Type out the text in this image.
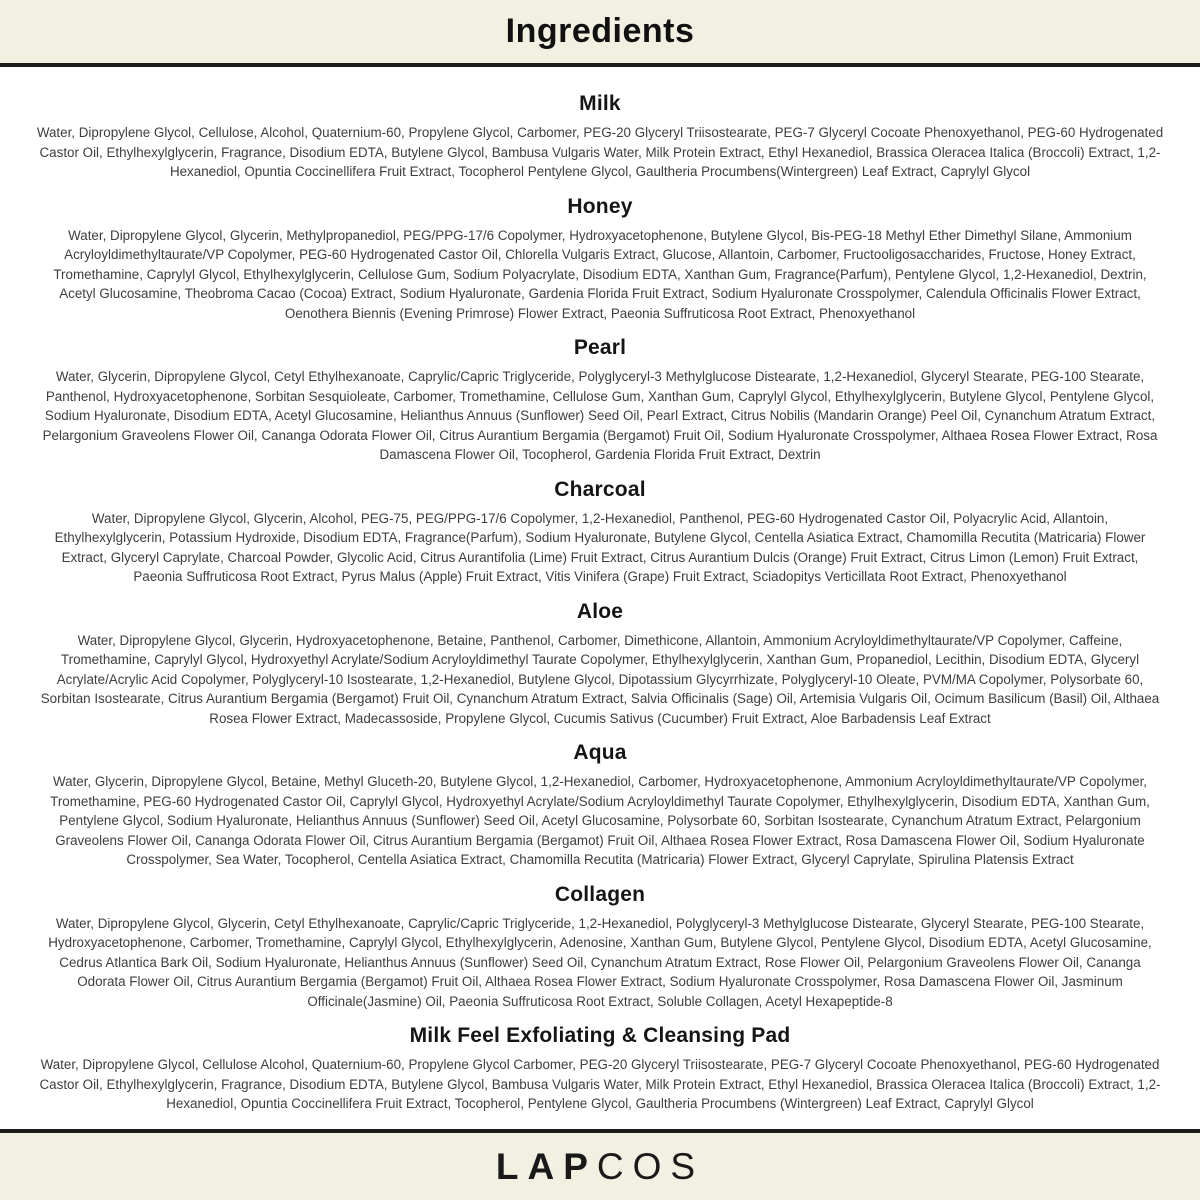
Ingredients
Milk

Water, Dipropylene Glycol, Cellulose, Alcohol, Quaternium-60, Propylene Glycol, Carbomer, PEG-20 Glyceryl Triisostearate, PEG-7 Glyceryl Cocoate Phenoxyethanol, PEG-60 Hydrogenated Castor Oil, Ethylhexylglycerin, Fragrance, Disodium EDTA, Butylene Glycol, Bambusa Vulgaris Water, Milk Protein Extract, Ethyl Hexanediol, Brassica Oleracea Italica (Broccoli) Extract, 1,2-Hexanediol, Opuntia Coccinellifera Fruit Extract, Tocopherol Pentylene Glycol, Gaultheria Procumbens(Wintergreen) Leaf Extract, Caprylyl Glycol

Honey

Water, Dipropylene Glycol, Glycerin, Methylpropanediol, PEG/PPG-17/6 Copolymer, Hydroxyacetophenone, Butylene Glycol, Bis-PEG-18 Methyl Ether Dimethyl Silane, Ammonium Acryloyldimethyltaurate/VP Copolymer, PEG-60 Hydrogenated Castor Oil, Chlorella Vulgaris Extract, Glucose, Allantoin, Carbomer, Fructooligosaccharides, Fructose, Honey Extract, Tromethamine, Caprylyl Glycol, Ethylhexylglycerin, Cellulose Gum, Sodium Polyacrylate, Disodium EDTA, Xanthan Gum, Fragrance(Parfum), Pentylene Glycol, 1,2-Hexanediol, Dextrin, Acetyl Glucosamine, Theobroma Cacao (Cocoa) Extract, Sodium Hyaluronate, Gardenia Florida Fruit Extract, Sodium Hyaluronate Crosspolymer, Calendula Officinalis Flower Extract, Oenothera Biennis (Evening Primrose) Flower Extract, Paeonia Suffruticosa Root Extract, Phenoxyethanol

Pearl

Water, Glycerin, Dipropylene Glycol, Cetyl Ethylhexanoate, Caprylic/Capric Triglyceride, Polyglyceryl-3 Methylglucose Distearate, 1,2-Hexanediol, Glyceryl Stearate, PEG-100 Stearate, Panthenol, Hydroxyacetophenone, Sorbitan Sesquioleate, Carbomer, Tromethamine, Cellulose Gum, Xanthan Gum, Caprylyl Glycol, Ethylhexylglycerin, Butylene Glycol, Pentylene Glycol, Sodium Hyaluronate, Disodium EDTA, Acetyl Glucosamine, Helianthus Annuus (Sunflower) Seed Oil, Pearl Extract, Citrus Nobilis (Mandarin Orange) Peel Oil, Cynanchum Atratum Extract, Pelargonium Graveolens Flower Oil, Cananga Odorata Flower Oil, Citrus Aurantium Bergamia (Bergamot) Fruit Oil, Sodium Hyaluronate Crosspolymer, Althaea Rosea Flower Extract, Rosa Damascena Flower Oil, Tocopherol, Gardenia Florida Fruit Extract, Dextrin

Charcoal

Water, Dipropylene Glycol, Glycerin, Alcohol, PEG-75, PEG/PPG-17/6 Copolymer, 1,2-Hexanediol, Panthenol, PEG-60 Hydrogenated Castor Oil, Polyacrylic Acid, Allantoin, Ethylhexylglycerin, Potassium Hydroxide, Disodium EDTA, Fragrance(Parfum), Sodium Hyaluronate, Butylene Glycol, Centella Asiatica Extract, Chamomilla Recutita (Matricaria) Flower Extract, Glyceryl Caprylate, Charcoal Powder, Glycolic Acid, Citrus Aurantifolia (Lime) Fruit Extract, Citrus Aurantium Dulcis (Orange) Fruit Extract, Citrus Limon (Lemon) Fruit Extract, Paeonia Suffruticosa Root Extract, Pyrus Malus (Apple) Fruit Extract, Vitis Vinifera (Grape) Fruit Extract, Sciadopitys Verticillata Root Extract, Phenoxyethanol

Aloe

Water, Dipropylene Glycol, Glycerin, Hydroxyacetophenone, Betaine, Panthenol, Carbomer, Dimethicone, Allantoin, Ammonium Acryloyldimethyltaurate/VP Copolymer, Caffeine, Tromethamine, Caprylyl Glycol, Hydroxyethyl Acrylate/Sodium Acryloyldimethyl Taurate Copolymer, Ethylhexylglycerin, Xanthan Gum, Propanediol, Lecithin, Disodium EDTA, Glyceryl Acrylate/Acrylic Acid Copolymer, Polyglyceryl-10 Isostearate, 1,2-Hexanediol, Butylene Glycol, Dipotassium Glycyrrhizate, Polyglyceryl-10 Oleate, PVM/MA Copolymer, Polysorbate 60, Sorbitan Isostearate, Citrus Aurantium Bergamia (Bergamot) Fruit Oil, Cynanchum Atratum Extract, Salvia Officinalis (Sage) Oil, Artemisia Vulgaris Oil, Ocimum Basilicum (Basil) Oil, Althaea Rosea Flower Extract, Madecassoside, Propylene Glycol, Cucumis Sativus (Cucumber) Fruit Extract, Aloe Barbadensis Leaf Extract

Aqua

Water, Glycerin, Dipropylene Glycol, Betaine, Methyl Gluceth-20, Butylene Glycol, 1,2-Hexanediol, Carbomer, Hydroxyacetophenone, Ammonium Acryloyldimethyltaurate/VP Copolymer, Tromethamine, PEG-60 Hydrogenated Castor Oil, Caprylyl Glycol, Hydroxyethyl Acrylate/Sodium Acryloyldimethyl Taurate Copolymer, Ethylhexylglycerin, Disodium EDTA, Xanthan Gum, Pentylene Glycol, Sodium Hyaluronate, Helianthus Annuus (Sunflower) Seed Oil, Acetyl Glucosamine, Polysorbate 60, Sorbitan Isostearate, Cynanchum Atratum Extract, Pelargonium Graveolens Flower Oil, Cananga Odorata Flower Oil, Citrus Aurantium Bergamia (Bergamot) Fruit Oil, Althaea Rosea Flower Extract, Rosa Damascena Flower Oil, Sodium Hyaluronate Crosspolymer, Sea Water, Tocopherol, Centella Asiatica Extract, Chamomilla Recutita (Matricaria) Flower Extract, Glyceryl Caprylate, Spirulina Platensis Extract

Collagen

Water, Dipropylene Glycol, Glycerin, Cetyl Ethylhexanoate, Caprylic/Capric Triglyceride, 1,2-Hexanediol, Polyglyceryl-3 Methylglucose Distearate, Glyceryl Stearate, PEG-100 Stearate, Hydroxyacetophenone, Carbomer, Tromethamine, Caprylyl Glycol, Ethylhexylglycerin, Adenosine, Xanthan Gum, Butylene Glycol, Pentylene Glycol, Disodium EDTA, Acetyl Glucosamine, Cedrus Atlantica Bark Oil, Sodium Hyaluronate, Helianthus Annuus (Sunflower) Seed Oil, Cynanchum Atratum Extract, Rose Flower Oil, Pelargonium Graveolens Flower Oil, Cananga Odorata Flower Oil, Citrus Aurantium Bergamia (Bergamot) Fruit Oil, Althaea Rosea Flower Extract, Sodium Hyaluronate Crosspolymer, Rosa Damascena Flower Oil, Jasminum Officinale(Jasmine) Oil, Paeonia Suffruticosa Root Extract, Soluble Collagen, Acetyl Hexapeptide-8

Milk Feel Exfoliating & Cleansing Pad

Water, Dipropylene Glycol, Cellulose Alcohol, Quaternium-60, Propylene Glycol Carbomer, PEG-20 Glyceryl Triisostearate, PEG-7 Glyceryl Cocoate Phenoxyethanol, PEG-60 Hydrogenated Castor Oil, Ethylhexylglycerin, Fragrance, Disodium EDTA, Butylene Glycol, Bambusa Vulgaris Water, Milk Protein Extract, Ethyl Hexanediol, Brassica Oleracea Italica (Broccoli) Extract, 1,2-Hexanediol, Opuntia Coccinellifera Fruit Extract, Tocopherol, Pentylene Glycol, Gaultheria Procumbens (Wintergreen) Leaf Extract, Caprylyl Glycol

LAPCOS
